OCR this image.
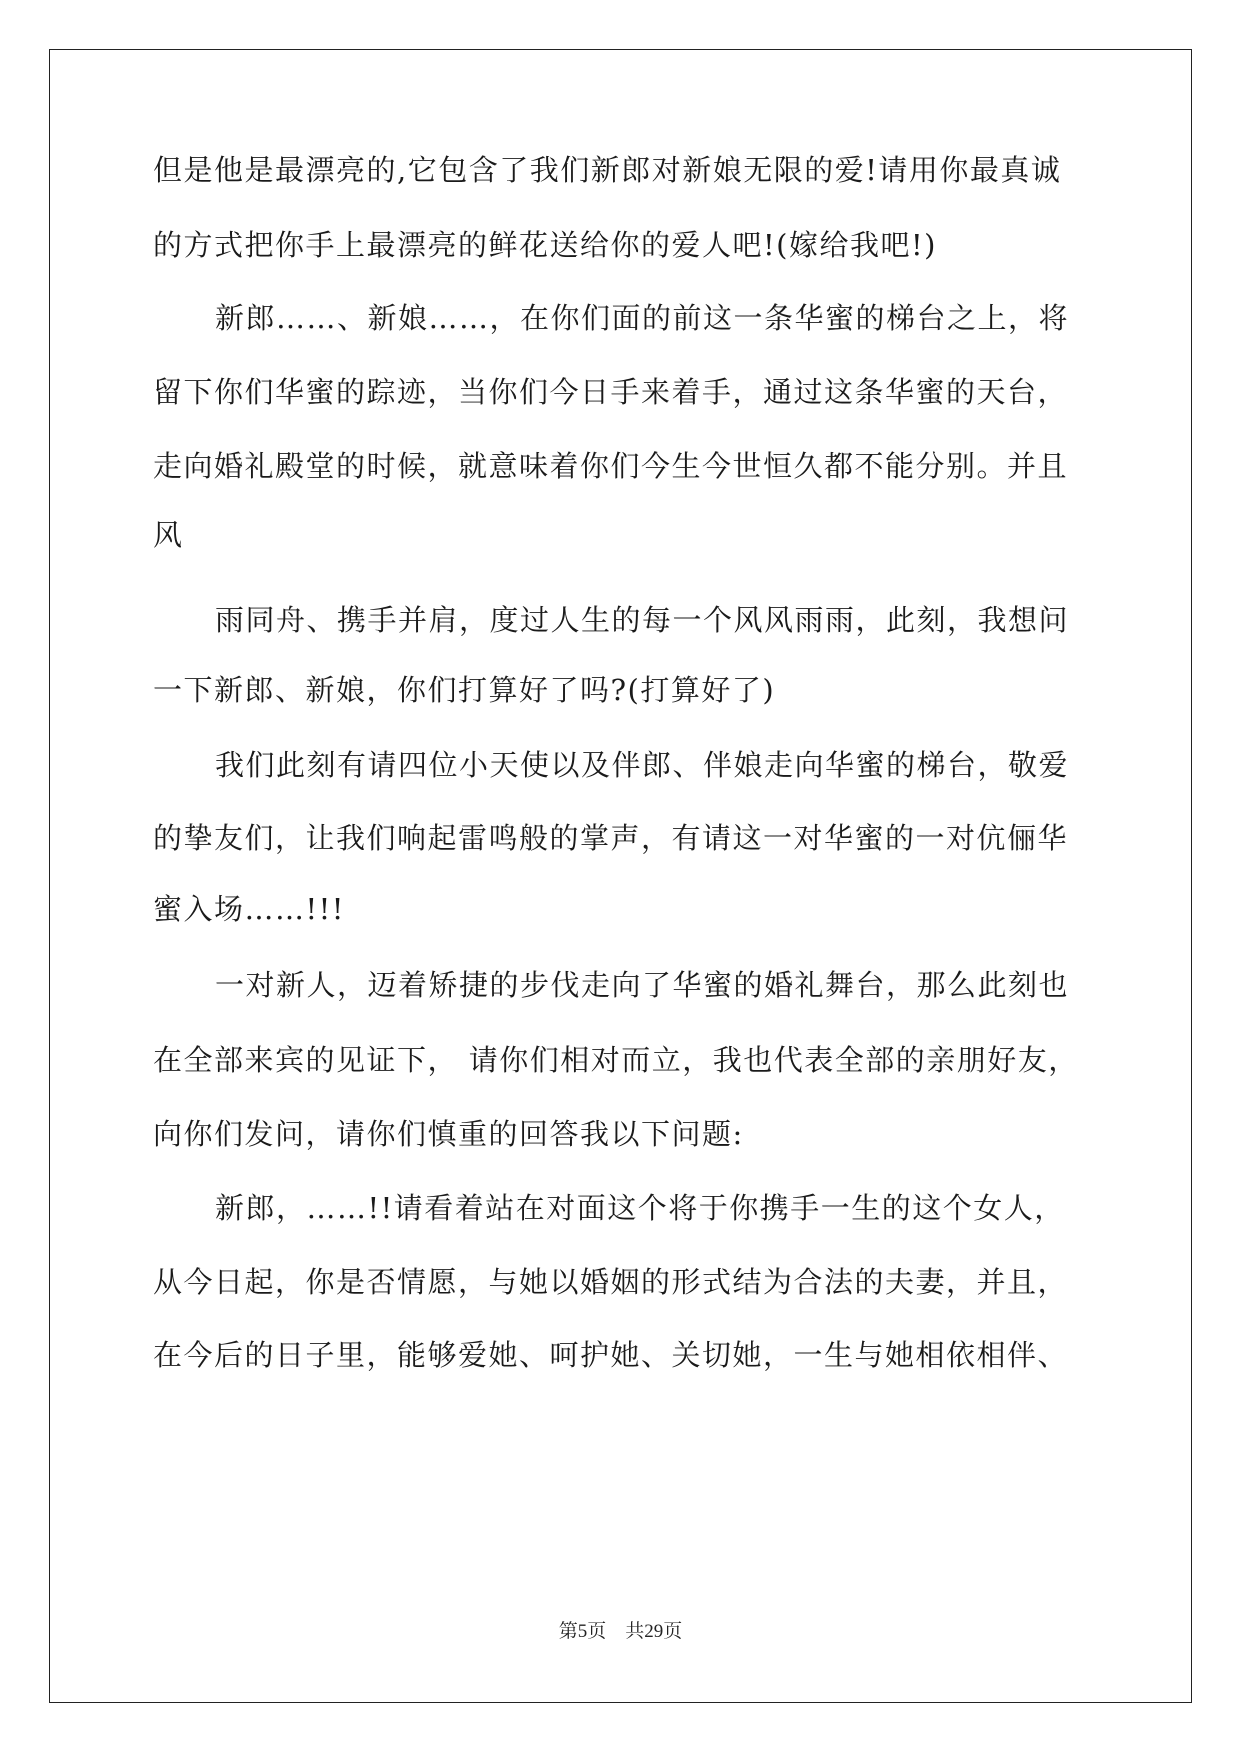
但是他是最漂亮的,它包含了我们新郎对新娘无限的爱!请用你最真诚
的方式把你手上最漂亮的鲜花送给你的爱人吧!(嫁给我吧!)
新郎……、新娘……，在你们面的前这一条华蜜的梯台之上，将
留下你们华蜜的踪迹，当你们今日手来着手，通过这条华蜜的天台，
走向婚礼殿堂的时候，就意味着你们今生今世恒久都不能分别。并且
风
雨同舟、携手并肩，度过人生的每一个风风雨雨，此刻，我想问
一下新郎、新娘，你们打算好了吗?(打算好了)
我们此刻有请四位小天使以及伴郎、伴娘走向华蜜的梯台，敬爱
的挚友们，让我们响起雷鸣般的掌声，有请这一对华蜜的一对伉俪华
蜜入场……!!!
一对新人，迈着矫捷的步伐走向了华蜜的婚礼舞台，那么此刻也
在全部来宾的见证下， 请你们相对而立，我也代表全部的亲朋好友，
向你们发问，请你们慎重的回答我以下问题:
新郎，……!!请看着站在对面这个将于你携手一生的这个女人，
从今日起，你是否情愿，与她以婚姻的形式结为合法的夫妻，并且，
在今后的日子里，能够爱她、呵护她、关切她，一生与她相依相伴、
第5页　共29页
